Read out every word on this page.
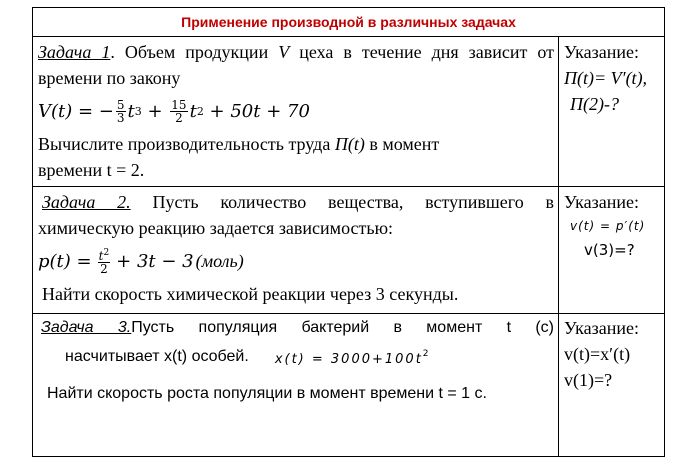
Применение производной в различных задачах
Задача 1. Объем продукции V цеха в течение дня зависит от
времени по закону
V(t) = − $\frac{5}{3}$ t $3 + \frac{15}{2}$ t 2 + 50t + 70
Вычислите производительность труда П(t) в момент
времени t = 2.
Указание:
П(t)= V′(t),
П(2)-?
Задача 2. Пусть количество вещества, вступившего в
химическую реакцию задается зависимостью:
$p(t) = \frac{t^2}{2} + 3t - 3$ (моль)
Найти скорость химической реакции через 3 секунды.
Указание:
v(t) = p′(t)
v(3)=?
Задача 3.Пусть популяция бактерий в момент t (c)
насчитывает x(t) особей. $x(t) = 3000+100t^2$
Найти скорость роста популяции в момент времени t = 1 c.
Указание:
v(t)=x′(t)
v(1)=?
